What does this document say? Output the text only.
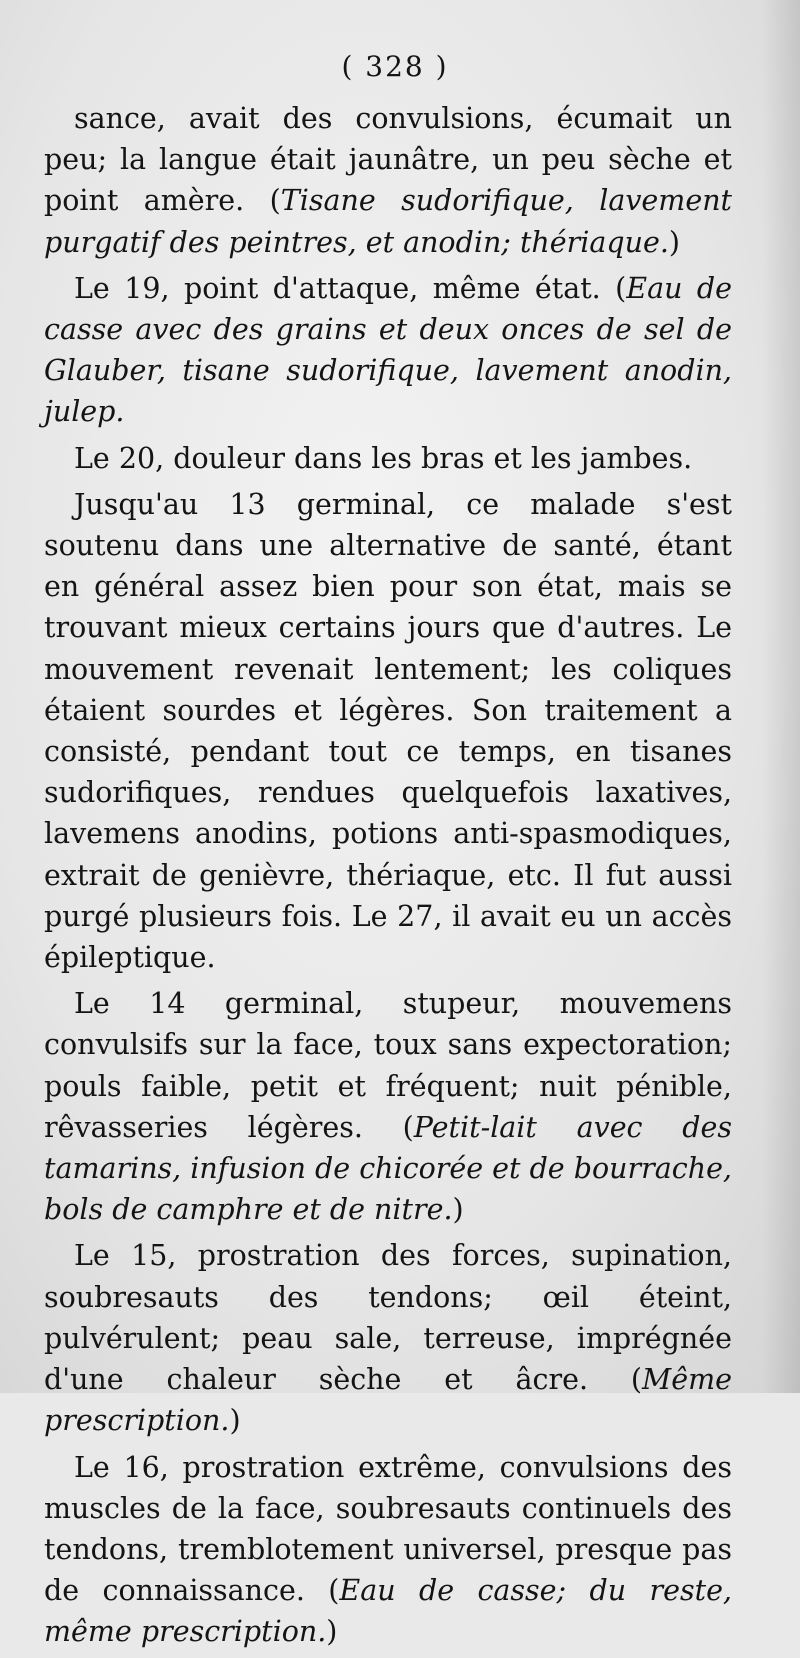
( 328 )

sance, avait des convulsions, écumait un peu; la langue était jaunâtre, un peu sèche et point amère. (Tisane sudorifique, lavement purgatif des peintres, et anodin; thériaque.)

Le 19, point d'attaque, même état. (Eau de casse avec des grains et deux onces de sel de Glauber, tisane sudorifique, lavement anodin, julep.

Le 20, douleur dans les bras et les jambes.

Jusqu'au 13 germinal, ce malade s'est soutenu dans une alternative de santé, étant en général assez bien pour son état, mais se trouvant mieux certains jours que d'autres. Le mouvement revenait lentement; les coliques étaient sourdes et légères. Son traitement a consisté, pendant tout ce temps, en tisanes sudorifiques, rendues quelquefois laxatives, lavemens anodins, potions anti-spasmodiques, extrait de genièvre, thériaque, etc. Il fut aussi purgé plusieurs fois. Le 27, il avait eu un accès épileptique.

Le 14 germinal, stupeur, mouvemens convulsifs sur la face, toux sans expectoration; pouls faible, petit et fréquent; nuit pénible, rêvasseries légères. (Petit-lait avec des tamarins, infusion de chicorée et de bourrache, bols de camphre et de nitre.)

Le 15, prostration des forces, supination, soubresauts des tendons; œil éteint, pulvérulent; peau sale, terreuse, imprégnée d'une chaleur sèche et âcre. (Même prescription.)

Le 16, prostration extrême, convulsions des muscles de la face, soubresauts continuels des tendons, tremblotement universel, presque pas de connaissance. (Eau de casse; du reste, même prescription.)
